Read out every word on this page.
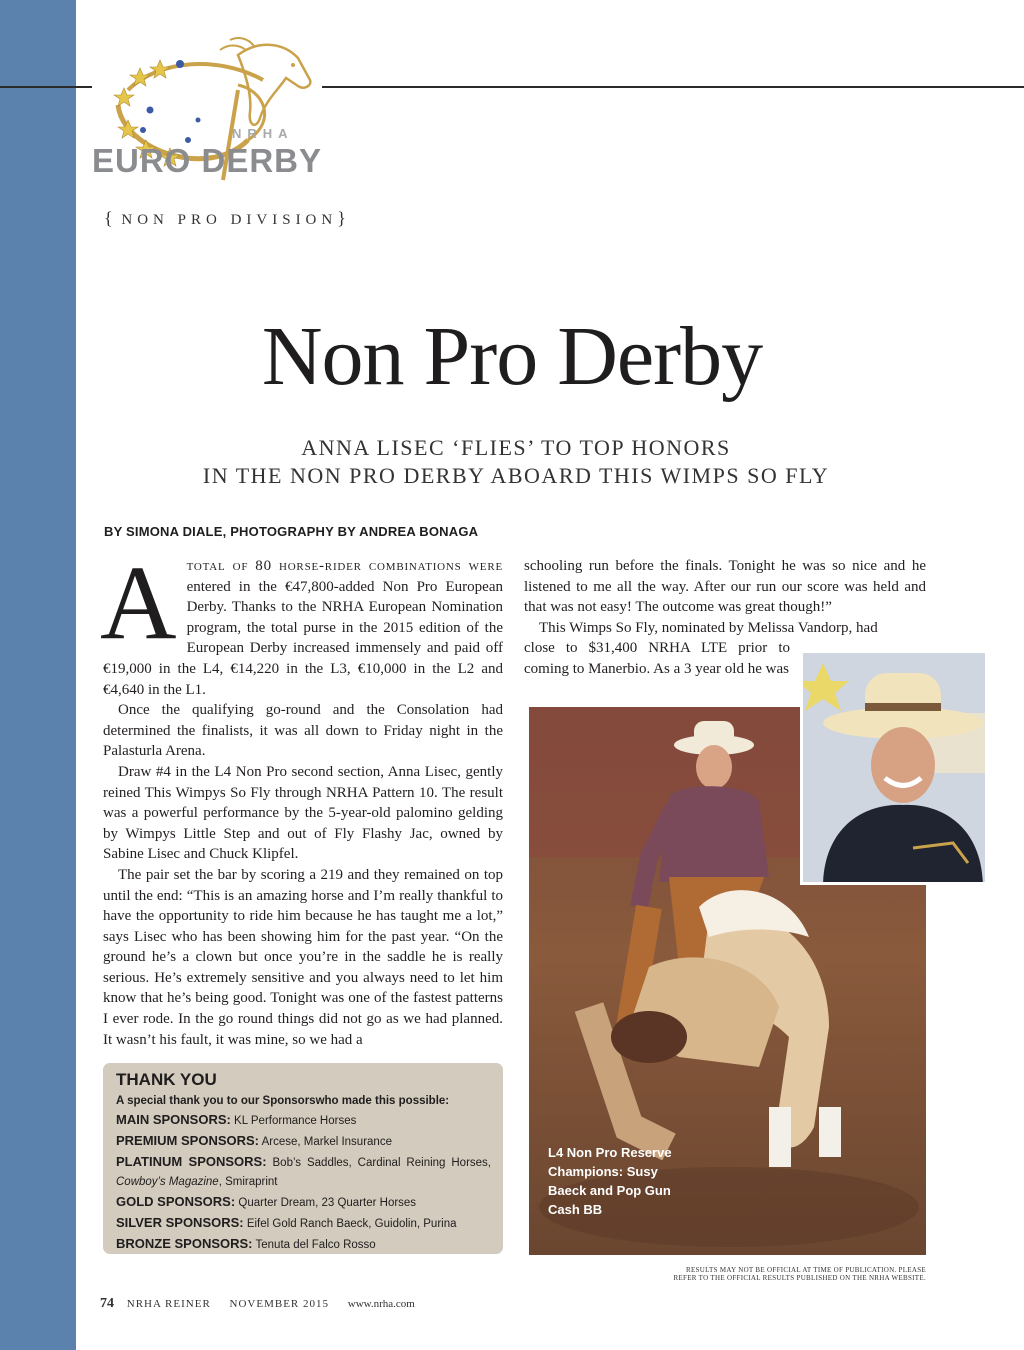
NRHA
EURO DERBY
{ NON PRO DIVISION}
Non Pro Derby
ANNA LISEC ‘FLIES’ TO TOP HONORS
IN THE NON PRO DERBY ABOARD THIS WIMPS SO FLY
BY SIMONA DIALE, PHOTOGRAPHY BY ANDREA BONAGA

Atotal of 80 horse-rider combinations were entered in the €47,800-added Non Pro European Derby. Thanks to the NRHA European Nomination program, the total purse in the 2015 edition of the European Derby increased immensely and paid off €19,000 in the L4, €14,220 in the L3, €10,000 in the L2 and €4,640 in the L1.

Once the qualifying go-round and the Consolation had determined the finalists, it was all down to Friday night in the Palasturla Arena.

Draw #4 in the L4 Non Pro second section, Anna Lisec, gently reined This Wimpys So Fly through NRHA Pattern 10. The result was a powerful performance by the 5-year-old palomino gelding by Wimpys Little Step and out of Fly Flashy Jac, owned by Sabine Lisec and Chuck Klipfel.

The pair set the bar by scoring a 219 and they remained on top until the end: “This is an amazing horse and I’m really thankful to have the opportunity to ride him because he has taught me a lot,” says Lisec who has been showing him for the past year. “On the ground he’s a clown but once you’re in the saddle he is really serious. He’s extremely sensitive and you always need to let him know that he’s being good. Tonight was one of the fastest patterns I ever rode. In the go round things did not go as we had planned. It wasn’t his fault, it was mine, so we had a

schooling run before the finals. Tonight he was so nice and he listened to me all the way. After our run our score was held and that was not easy! The outcome was great though!”

This Wimps So Fly, nominated by Melissa Vandorp, had

close to $31,400 NRHA LTE prior to coming to Manerbio. As a 3 year old he was
L4 Non Pro Reserve Champions: Susy Baeck and Pop Gun Cash BB
THANK YOU
A special thank you to our Sponsorswho made this possible:
MAIN SPONSORS: KL Performance Horses
PREMIUM SPONSORS: Arcese, Markel Insurance
PLATINUM SPONSORS: Bob’s Saddles, Cardinal Reining Horses, Cowboy’s Magazine, Smiraprint
GOLD SPONSORS: Quarter Dream, 23 Quarter Horses
SILVER SPONSORS: Eifel Gold Ranch Baeck, Guidolin, Purina
BRONZE SPONSORS: Tenuta del Falco Rosso
RESULTS MAY NOT BE OFFICIAL AT TIME OF PUBLICATION. PLEASE
REFER TO THE OFFICIAL RESULTS PUBLISHED ON THE NRHA WEBSITE.
74 NRHA REINER NOVEMBER 2015 www.nrha.com
